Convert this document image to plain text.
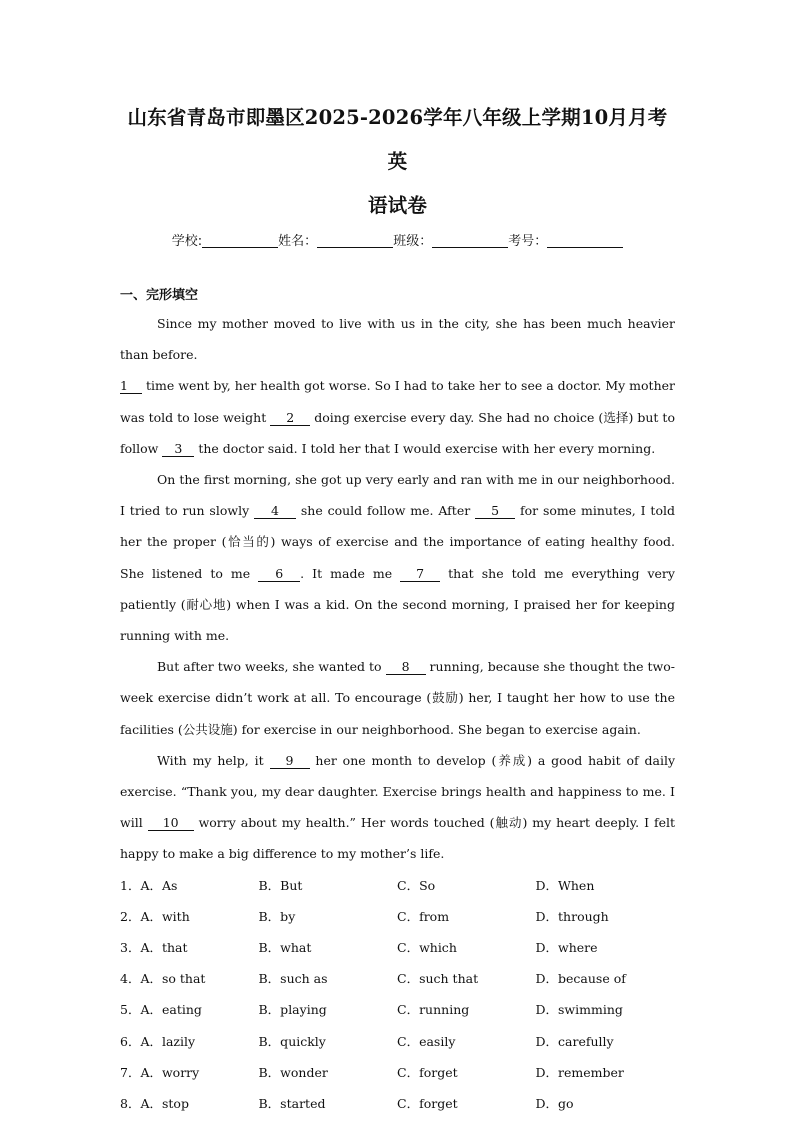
山东省青岛市即墨区2025-2026学年八年级上学期10月月考英
语试卷
学校:	姓名：	班级：	考号：
一、完形填空

Since my mother moved to live with us in the city, she has been much heavier than before.
1 time went by, her health got worse. So I had to take her to see a doctor. My mother was told to lose weight 2 doing exercise every day. She had no choice (选择) but to follow 3 the doctor said. I told her that I would exercise with her every morning.

On the first morning, she got up very early and ran with me in our neighborhood. I tried to run slowly 4 she could follow me. After 5 for some minutes, I told her the proper (恰当的) ways of exercise and the importance of eating healthy food. She listened to me 6 . It made me 7 that she told me everything very patiently (耐心地) when I was a kid. On the second morning, I praised her for keeping running with me.

But after two weeks, she wanted to 8 running, because she thought the two-week exercise didn’t work at all. To encourage (鼓励) her, I taught her how to use the facilities (公共设施) for exercise in our neighborhood. She began to exercise again.

With my help, it 9 her one month to develop (养成) a good habit of daily exercise. “Thank you, my dear daughter. Exercise brings health and happiness to me. I will 10 worry about my health.” Her words touched (触动) my heart deeply. I felt happy to make a big difference to my mother’s life.

1．A．As	B．But	C．So	D．When
2．A．with	B．by	C．from	D．through
3．A．that	B．what	C．which	D．where
4．A．so that	B．such as	C．such that	D．because of
5．A．eating	B．playing	C．running	D．swimming
6．A．lazily	B．quickly	C．easily	D．carefully
7．A．worry	B．wonder	C．forget	D．remember
8．A．stop	B．started	C．forget	D．go
